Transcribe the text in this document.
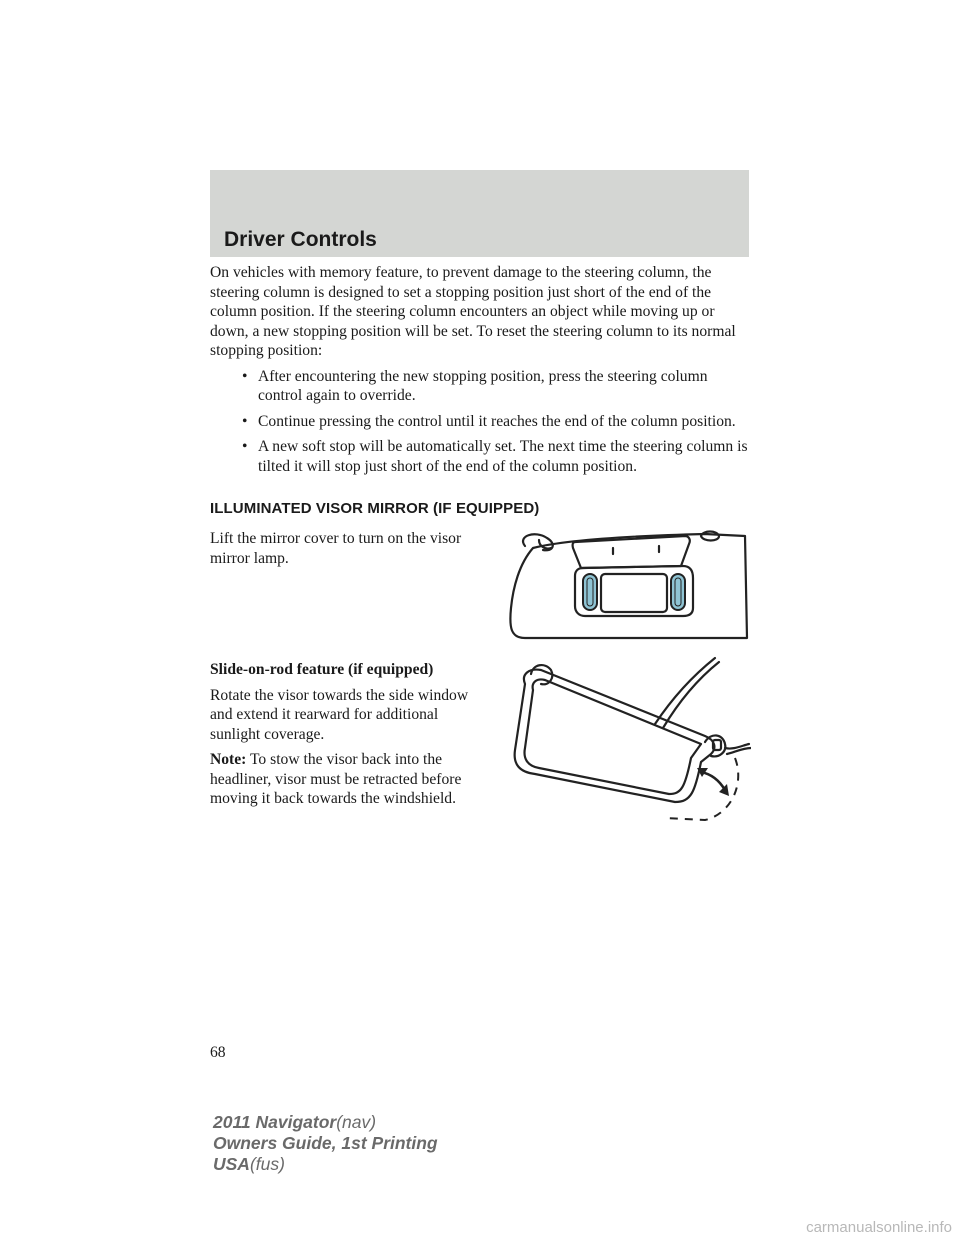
Driver Controls

On vehicles with memory feature, to prevent damage to the steering column, the steering column is designed to set a stopping position just short of the end of the column position. If the steering column encounters an object while moving up or down, a new stopping position will be set. To reset the steering column to its normal stopping position:

• After encountering the new stopping position, press the steering column control again to override.
• Continue pressing the control until it reaches the end of the column position.
• A new soft stop will be automatically set. The next time the steering column is tilted it will stop just short of the end of the column position.
ILLUMINATED VISOR MIRROR (IF EQUIPPED)

Lift the mirror cover to turn on the visor mirror lamp.

Slide-on-rod feature (if equipped)

Rotate the visor towards the side window and extend it rearward for additional sunlight coverage.

Note: To stow the visor back into the headliner, visor must be retracted before moving it back towards the windshield.

68
2011 Navigator(nav)
Owners Guide, 1st Printing
USA(fus)
carmanualsonline.info
